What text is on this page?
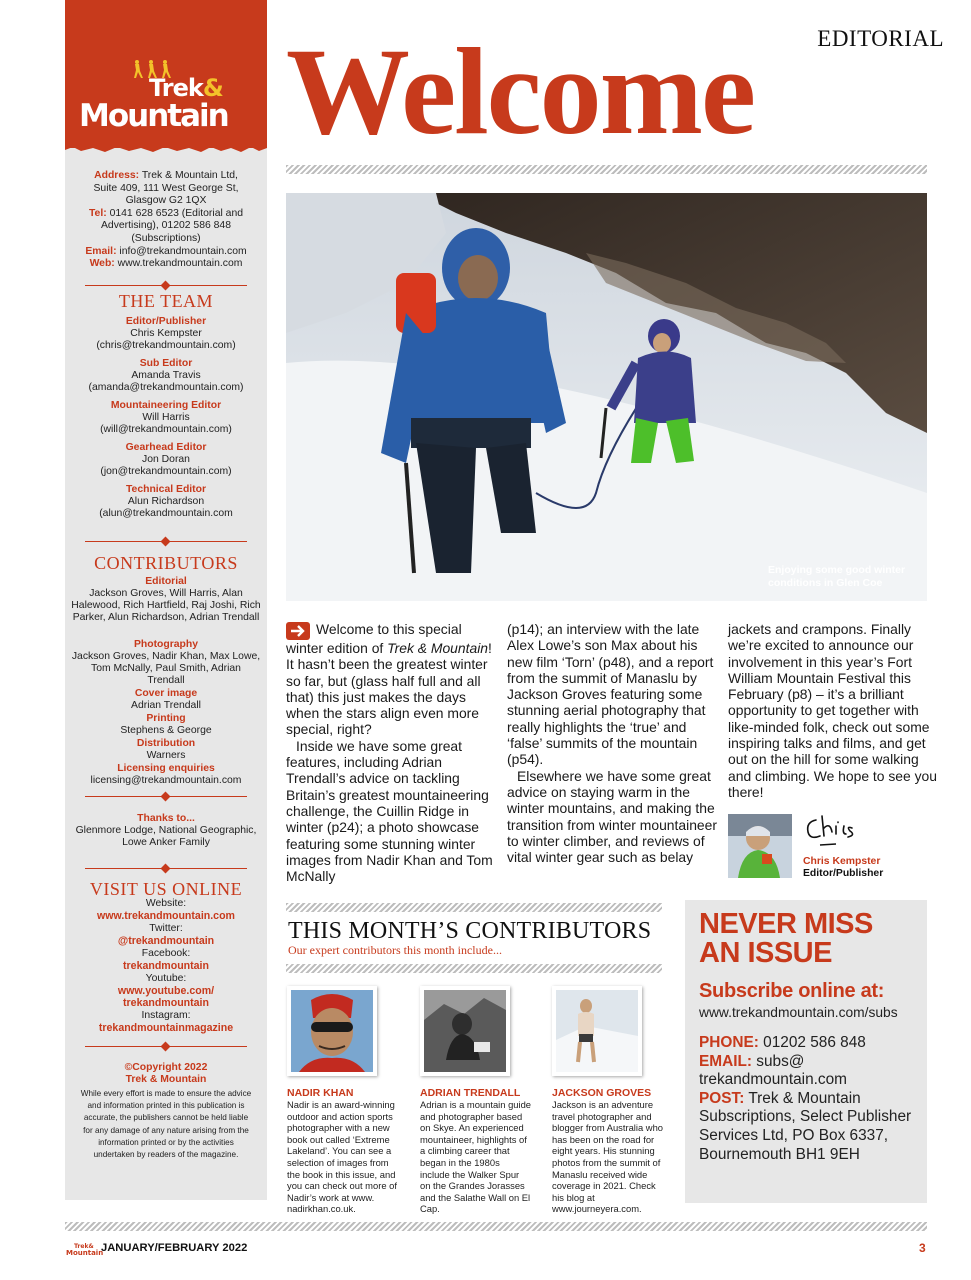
Trek&
Mountain
Address: Trek & Mountain Ltd,
Suite 409, 111 West George St,
Glasgow G2 1QX
Tel: 0141 628 6523 (Editorial and
Advertising), 01202 586 848
(Subscriptions)
Email: info@trekandmountain.com
Web: www.trekandmountain.com
THE TEAM
Editor/Publisher
Chris Kempster
(chris@trekandmountain.com)
Sub Editor
Amanda Travis
(amanda@trekandmountain.com)
Mountaineering Editor
Will Harris
(will@trekandmountain.com)
Gearhead Editor
Jon Doran
(jon@trekandmountain.com)
Technical Editor
Alun Richardson
(alun@trekandmountain.com
CONTRIBUTORS
Editorial
Jackson Groves, Will Harris, Alan
Halewood, Rich Hartfield, Raj Joshi, Rich
Parker, Alun Richardson, Adrian Trendall
Photography
Jackson Groves, Nadir Khan, Max Lowe,
Tom McNally, Paul Smith, Adrian
Trendall
Cover image
Adrian Trendall
Printing
Stephens & George
Distribution
Warners
Licensing enquiries
licensing@trekandmountain.com
Thanks to...
Glenmore Lodge, National Geographic,
Lowe Anker Family
VISIT US ONLINE
Website:
www.trekandmountain.com
Twitter:
@trekandmountain
Facebook:
trekandmountain
Youtube:
www.youtube.com/
trekandmountain
Instagram:
trekandmountainmagazine
©Copyright 2022
Trek & Mountain
While every effort is made to ensure the advice
and information printed in this publication is
accurate, the publishers cannot be held liable
for any damage of any nature arising from the
information printed or by the activities
undertaken by readers of the magazine.
EDITORIAL
Welcome
Enjoying some good winter
conditions in Glen Coe

Welcome to this special winter edition of Trek & Mountain! It hasn’t been the greatest winter so far, but (glass half full and all that) this just makes the days when the stars align even more special, right?

Inside we have some great features, including Adrian Trendall’s advice on tackling Britain’s greatest mountaineering challenge, the Cuillin Ridge in winter (p24); a photo showcase featuring some stunning winter images from Nadir Khan and Tom McNally

(p14); an interview with the late Alex Lowe’s son Max about his new film ‘Torn’ (p48), and a report from the summit of Manaslu by Jackson Groves featuring some stunning aerial photography that really highlights the ‘true’ and ‘false’ summits of the mountain (p54).

Elsewhere we have some great advice on staying warm in the winter mountains, and making the transition from winter mountaineer to winter climber, and reviews of vital winter gear such as belay

jackets and crampons. Finally we’re excited to announce our involvement in this year’s Fort William Mountain Festival this February (p8) – it’s a brilliant opportunity to get together with like-minded folk, check out some inspiring talks and films, and get out on the hill for some walking and climbing. We hope to see you there!

Chris Kempster
Editor/Publisher
THIS MONTH’S CONTRIBUTORS
Our expert contributors this month include...
NADIR KHAN
Nadir is an award-winning outdoor and action sports photographer with a new book out called ‘Extreme Lakeland’. You can see a selection of images from the book in this issue, and you can check out more of Nadir’s work at www. nadirkhan.co.uk.
ADRIAN TRENDALL
Adrian is a mountain guide and photographer based on Skye. An experienced mountaineer, highlights of a climbing career that began in the 1980s include the Walker Spur on the Grandes Jorasses and the Salathe Wall on El Cap.
JACKSON GROVES
Jackson is an adventure travel photographer and blogger from Australia who has been on the road for eight years. His stunning photos from the summit of Manaslu received wide coverage in 2021. Check his blog at www.journeyera.com.
NEVER MISS AN ISSUE
Subscribe online at:
www.trekandmountain.com/subs
PHONE: 01202 586 848
EMAIL: subs@ trekandmountain.com
POST: Trek & Mountain Subscriptions, Select Publisher Services Ltd, PO Box 6337, Bournemouth BH1 9EH
Trek&
Mountain
JANUARY/FEBRUARY 2022	3
